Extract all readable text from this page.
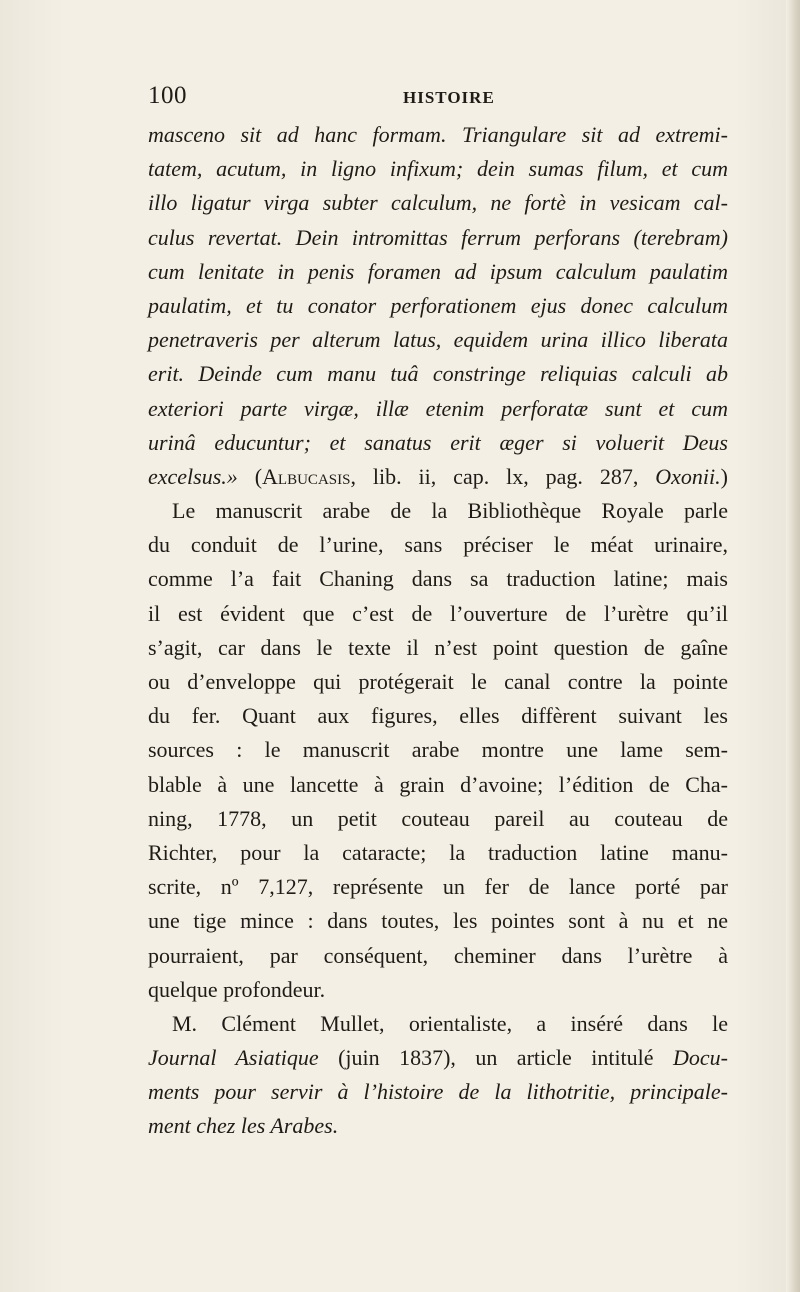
100	HISTOIRE
masceno sit ad hanc formam. Triangulare sit ad extremi-
tatem, acutum, in ligno infixum; dein sumas filum, et cum
illo ligatur virga subter calculum, ne fortè in vesicam cal-
culus revertat. Dein intromittas ferrum perforans (terebram)
cum lenitate in penis foramen ad ipsum calculum paulatim
paulatim, et tu conator perforationem ejus donec calculum
penetraveris per alterum latus, equidem urina illico liberata
erit. Deinde cum manu tuâ constringe reliquias calculi ab
exteriori parte virgæ, illæ etenim perforatæ sunt et cum
urinâ educuntur; et sanatus erit æger si voluerit Deus
excelsus.» (Albucasis, lib. ii, cap. lx, pag. 287, Oxonii.)
Le manuscrit arabe de la Bibliothèque Royale parle
du conduit de l’urine, sans préciser le méat urinaire,
comme l’a fait Chaning dans sa traduction latine; mais
il est évident que c’est de l’ouverture de l’urètre qu’il
s’agit, car dans le texte il n’est point question de gaîne
ou d’enveloppe qui protégerait le canal contre la pointe
du fer. Quant aux figures, elles diffèrent suivant les
sources : le manuscrit arabe montre une lame sem-
blable à une lancette à grain d’avoine; l’édition de Cha-
ning, 1778, un petit couteau pareil au couteau de
Richter, pour la cataracte; la traduction latine manu-
scrite, nº 7,127, représente un fer de lance porté par
une tige mince : dans toutes, les pointes sont à nu et ne
pourraient, par conséquent, cheminer dans l’urètre à
quelque profondeur.
M. Clément Mullet, orientaliste, a inséré dans le
Journal Asiatique (juin 1837), un article intitulé Docu-
ments pour servir à l’histoire de la lithotritie, principale-
ment chez les Arabes.
